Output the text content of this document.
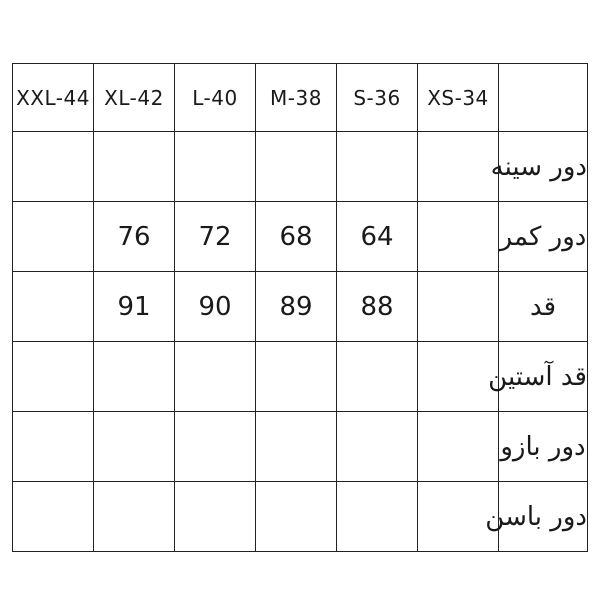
XXL-44	XL-42	L-40	M-38	S-36	XS-34	
						دور سینه
	76	72	68	64		دور کمر
	91	90	89	88		قد
						قد آستین
						دور بازو
						دور باسن
